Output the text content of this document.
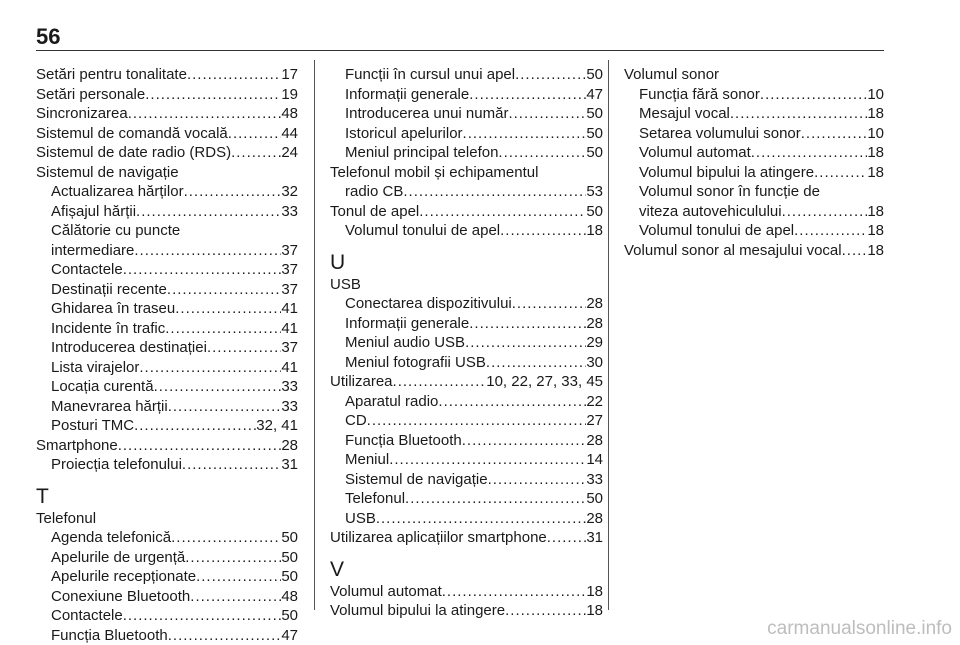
56
Setări pentru tonalitate .....	17
Setări personale .....	19
Sincronizarea .....	48
Sistemul de comandă vocală .....	44
Sistemul de date radio (RDS) .....	24
Sistemul de navigație
Actualizarea hărților .....	32
Afișajul hărții .....	33
Călătorie cu puncte
intermediare .....	37
Contactele .....	37
Destinații recente .....	37
Ghidarea în traseu .....	41
Incidente în trafic .....	41
Introducerea destinației .....	37
Lista virajelor .....	41
Locația curentă .....	33
Manevrarea hărții .....	33
Posturi TMC .....	32, 41
Smartphone .....	28
Proiecția telefonului .....	31
T
Telefonul
Agenda telefonică .....	50
Apelurile de urgență .....	50
Apelurile recepționate .....	50
Conexiune Bluetooth .....	48
Contactele .....	50
Funcția Bluetooth .....	47
Funcții în cursul unui apel .....	50
Informații generale .....	47
Introducerea unui număr .....	50
Istoricul apelurilor .....	50
Meniul principal telefon .....	50
Telefonul mobil și echipamentul
radio CB .....	53
Tonul de apel .....	50
Volumul tonului de apel .....	18
U
USB
Conectarea dispozitivului .....	28
Informații generale .....	28
Meniul audio USB .....	29
Meniul fotografii USB .....	30
Utilizarea .....	10, 22, 27, 33, 45
Aparatul radio .....	22
CD .....	27
Funcția Bluetooth .....	28
Meniul .....	14
Sistemul de navigație .....	33
Telefonul .....	50
USB .....	28
Utilizarea aplicațiilor smartphone .....	31
V
Volumul automat .....	18
Volumul bipului la atingere .....	18
Volumul sonor
Funcția fără sonor .....	10
Mesajul vocal .....	18
Setarea volumului sonor .....	10
Volumul automat .....	18
Volumul bipului la atingere .....	18
Volumul sonor în funcție de
viteza autovehiculului .....	18
Volumul tonului de apel .....	18
Volumul sonor al mesajului vocal ..... 18
carmanualsonline.info
